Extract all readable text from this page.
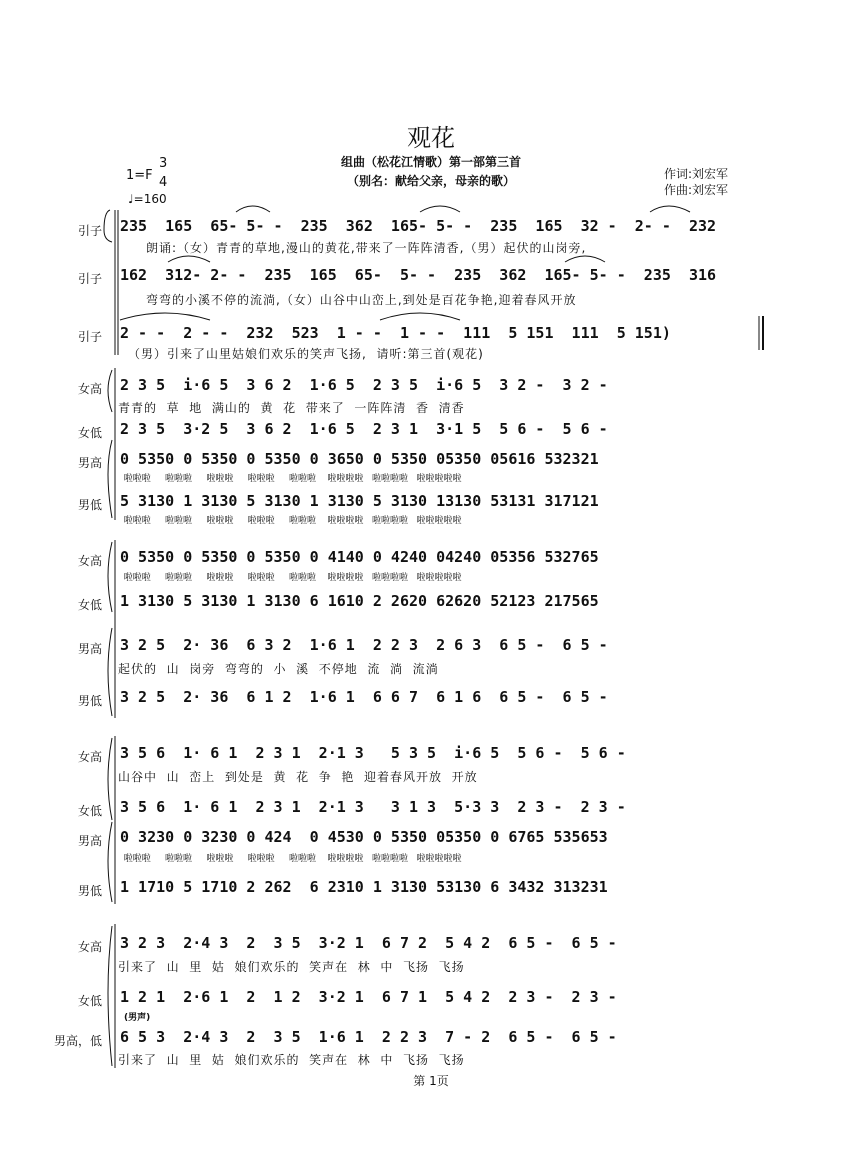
观花
组曲（松花江情歌）第一部第三首
（别名：献给父亲，母亲的歌）	作词:刘宏军
作曲:刘宏军
1=F
3
4
♩=160
引子 235  165  65- 5- -  235  362  165- 5- -  235  165  32 -  2- -  232
朗诵:（女）青青的草地,漫山的黄花,带来了一阵阵清香,（男）起伏的山岗旁,
引子 162  312- 2- -  235  165  65-  5- -  235  362  165- 5- -  235  316
弯弯的小溪不停的流淌,（女）山谷中山峦上,到处是百花争艳,迎着春风开放
引子 2 - -  2 - -  232  523  1 - -  1 - -  111  5 151  111  5 151)
（男）引来了山里姑娘们欢乐的笑声飞扬,  请听:第三首(观花)
女高 2 3 5  i·6 5  3 6 2  1·6 5  2 3 5  i·6 5  3 2 -  3 2 -
青青的  草  地  满山的  黄  花  带来了  一阵阵清  香  清香
女低 2 3 5  3·2 5  3 6 2  1·6 5  2 3 1  3·1 5  5 6 -  5 6 -
男高 0 5350 0 5350 0 5350 0 3650 0 5350 05350 05616 532321
啦啦啦     啦啦啦     啦啦啦     啦啦啦     啦啦啦    啦啦啦啦   啦啦啦啦   啦啦啦啦啦
男低 5 3130 1 3130 5 3130 1 3130 5 3130 13130 53131 317121
啦啦啦     啦啦啦     啦啦啦     啦啦啦     啦啦啦    啦啦啦啦   啦啦啦啦   啦啦啦啦啦
女高 0 5350 0 5350 0 5350 0 4140 0 4240 04240 05356 532765
啦啦啦     啦啦啦     啦啦啦     啦啦啦     啦啦啦    啦啦啦啦   啦啦啦啦   啦啦啦啦啦
女低 1 3130 5 3130 1 3130 6 1610 2 2620 62620 52123 217565
男高 3 2 5  2· 36  6 3 2  1·6 1  2 2 3  2 6 3  6 5 -  6 5 -
起伏的  山  岗旁  弯弯的  小  溪  不停地  流  淌  流淌
男低 3 2 5  2· 36  6 1 2  1·6 1  6 6 7  6 1 6  6 5 -  6 5 -
女高 3 5 6  1· 6 1  2 3 1  2·1 3   5 3 5  i·6 5  5 6 -  5 6 -
山谷中  山  峦上  到处是  黄  花  争  艳  迎着春风开放  开放
女低 3 5 6  1· 6 1  2 3 1  2·1 3   3 1 3  5·3 3  2 3 -  2 3 -
男高 0 3230 0 3230 0 424  0 4530 0 5350 05350 0 6765 535653
啦啦啦     啦啦啦     啦啦啦     啦啦啦     啦啦啦    啦啦啦啦   啦啦啦啦   啦啦啦啦啦
男低 1 1710 5 1710 2 262  6 2310 1 3130 53130 6 3432 313231
女高 3 2 3  2·4 3  2  3 5  3·2 1  6 7 2  5 4 2  6 5 -  6 5 -
引来了  山  里  姑  娘们欢乐的  笑声在  林  中  飞扬  飞扬
女低 1 2 1  2·6 1  2  1 2  3·2 1  6 7 1  5 4 2  2 3 -  2 3 -
(男声)
男高，低 6 5 3  2·4 3  2  3 5  1·6 1  2 2 3  7 - 2  6 5 -  6 5 -
引来了  山  里  姑  娘们欢乐的  笑声在  林  中  飞扬  飞扬
第 1页
